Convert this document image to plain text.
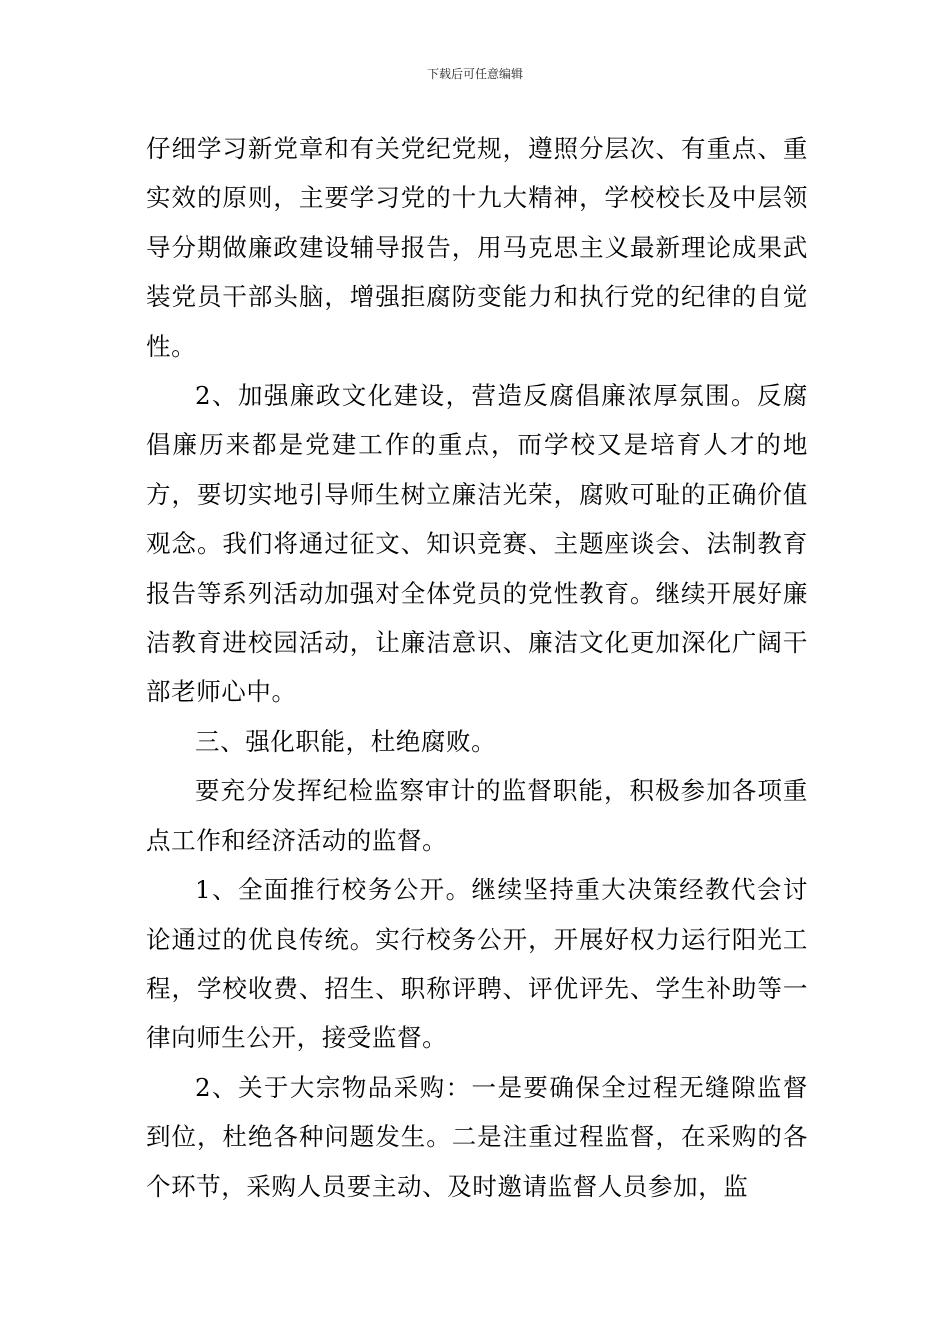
下载后可任意编辑

仔细学习新党章和有关党纪党规，遵照分层次、有重点、重实效的原则，主要学习党的十九大精神，学校校长及中层领导分期做廉政建设辅导报告，用马克思主义最新理论成果武装党员干部头脑，增强拒腐防变能力和执行党的纪律的自觉性。

2、加强廉政文化建设，营造反腐倡廉浓厚氛围。反腐倡廉历来都是党建工作的重点，而学校又是培育人才的地方，要切实地引导师生树立廉洁光荣，腐败可耻的正确价值观念。我们将通过征文、知识竞赛、主题座谈会、法制教育报告等系列活动加强对全体党员的党性教育。继续开展好廉洁教育进校园活动，让廉洁意识、廉洁文化更加深化广阔干部老师心中。

三、强化职能，杜绝腐败。

要充分发挥纪检监察审计的监督职能，积极参加各项重点工作和经济活动的监督。

1、全面推行校务公开。继续坚持重大决策经教代会讨论通过的优良传统。实行校务公开，开展好权力运行阳光工程，学校收费、招生、职称评聘、评优评先、学生补助等一律向师生公开，接受监督。

2、关于大宗物品采购：一是要确保全过程无缝隙监督到位，杜绝各种问题发生。二是注重过程监督，在采购的各个环节，采购人员要主动、及时邀请监督人员参加，监
